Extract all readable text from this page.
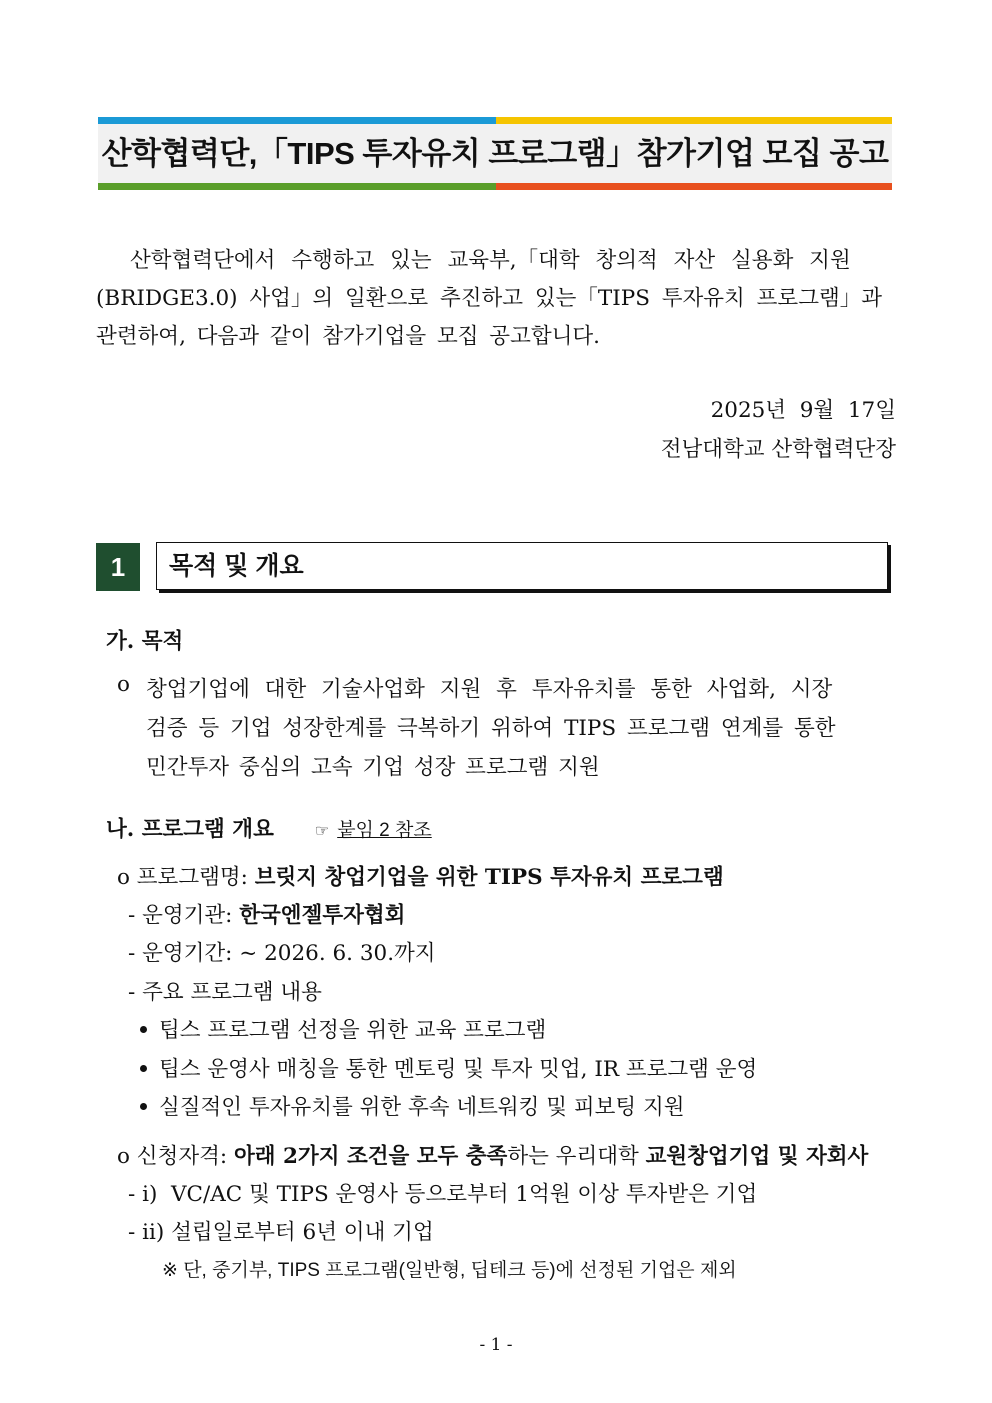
산학협력단,「TIPS 투자유치 프로그램」참가기업 모집 공고
산학협력단에서 수행하고 있는 교육부,「대학 창의적 자산 실용화 지원
(BRIDGE3.0) 사업」의 일환으로 추진하고 있는「TIPS 투자유치 프로그램」과
관련하여, 다음과 같이 참가기업을 모집 공고합니다.
2025년  9월  17일
전남대학교 산학협력단장
1	목적 및 개요
가. 목적
o 창업기업에 대한 기술사업화 지원 후 투자유치를 통한 사업화, 시장
검증 등 기업 성장한계를 극복하기 위하여 TIPS 프로그램 연계를 통한
민간투자 중심의 고속 기업 성장 프로그램 지원
나. 프로그램 개요	☞ 붙임 2 참조
o 프로그램명: 브릿지 창업기업을 위한 TIPS 투자유치 프로그램
- 운영기관: 한국엔젤투자협회
- 운영기간: ~ 2026. 6. 30.까지
- 주요 프로그램 내용
팁스 프로그램 선정을 위한 교육 프로그램
팁스 운영사 매칭을 통한 멘토링 및 투자 밋업, IR 프로그램 운영
실질적인 투자유치를 위한 후속 네트워킹 및 피보팅 지원
o 신청자격: 아래 2가지 조건을 모두 충족하는 우리대학 교원창업기업 및 자회사
- i)  VC/AC 및 TIPS 운영사 등으로부터 1억원 이상 투자받은 기업
- ii) 설립일로부터 6년 이내 기업
※ 단, 중기부, TIPS 프로그램(일반형, 딥테크 등)에 선정된 기업은 제외
- 1 -
